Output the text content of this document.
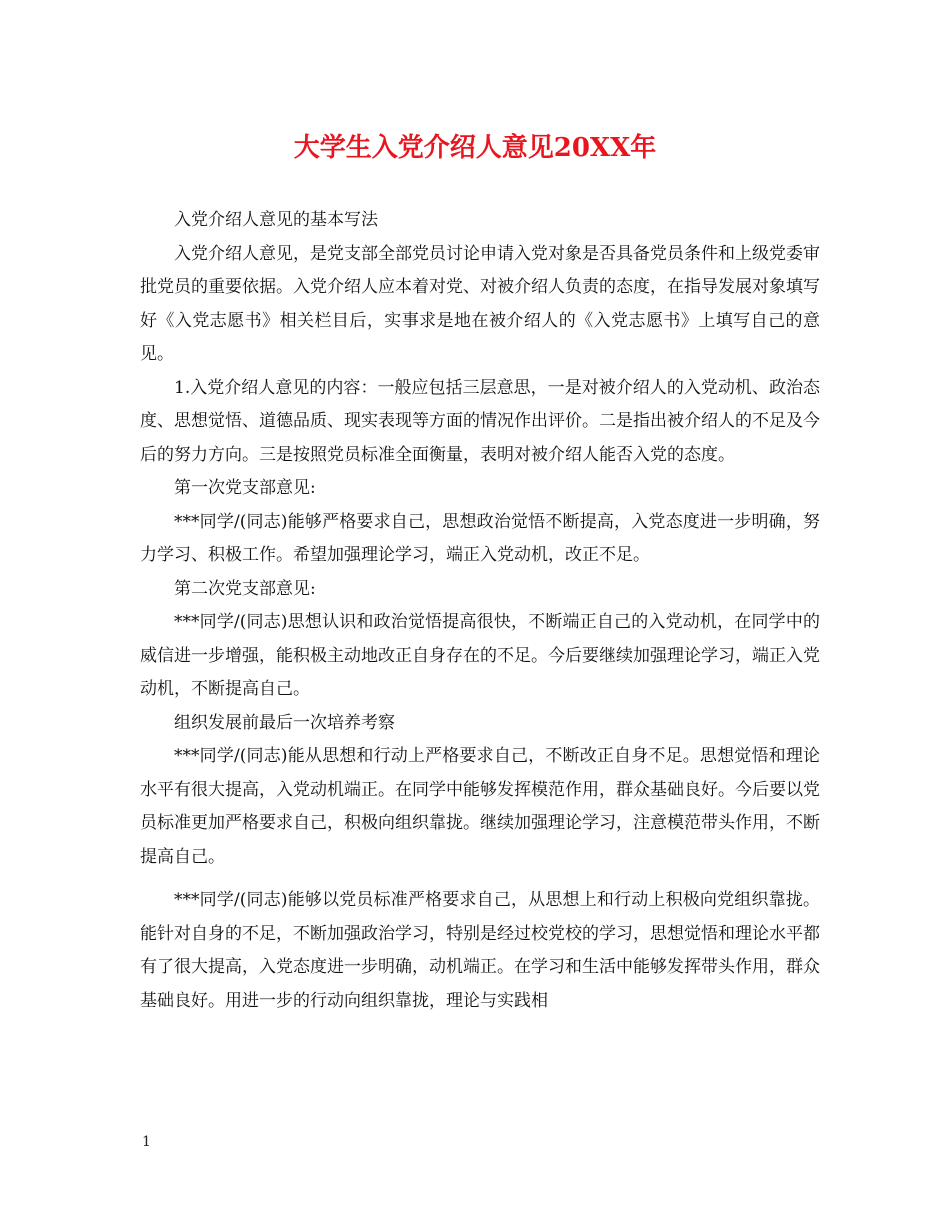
大学生入党介绍人意见20XX年

入党介绍人意见的基本写法

入党介绍人意见，是党支部全部党员讨论申请入党对象是否具备党员条件和上级党委审批党员的重要依据。入党介绍人应本着对党、对被介绍人负责的态度，在指导发展对象填写好《入党志愿书》相关栏目后，实事求是地在被介绍人的《入党志愿书》上填写自己的意见。

1.入党介绍人意见的内容：一般应包括三层意思，一是对被介绍人的入党动机、政治态度、思想觉悟、道德品质、现实表现等方面的情况作出评价。二是指出被介绍人的不足及今后的努力方向。三是按照党员标准全面衡量，表明对被介绍人能否入党的态度。

第一次党支部意见:

***同学/(同志)能够严格要求自己，思想政治觉悟不断提高，入党态度进一步明确，努力学习、积极工作。希望加强理论学习，端正入党动机，改正不足。

第二次党支部意见:

***同学/(同志)思想认识和政治觉悟提高很快，不断端正自己的入党动机，在同学中的威信进一步增强，能积极主动地改正自身存在的不足。今后要继续加强理论学习，端正入党动机，不断提高自己。

组织发展前最后一次培养考察

***同学/(同志)能从思想和行动上严格要求自己，不断改正自身不足。思想觉悟和理论水平有很大提高，入党动机端正。在同学中能够发挥模范作用，群众基础良好。今后要以党员标准更加严格要求自己，积极向组织靠拢。继续加强理论学习，注意模范带头作用，不断提高自己。

***同学/(同志)能够以党员标准严格要求自己，从思想上和行动上积极向党组织靠拢。能针对自身的不足，不断加强政治学习，特别是经过校党校的学习，思想觉悟和理论水平都有了很大提高，入党态度进一步明确，动机端正。在学习和生活中能够发挥带头作用，群众基础良好。用进一步的行动向组织靠拢，理论与实践相

1
